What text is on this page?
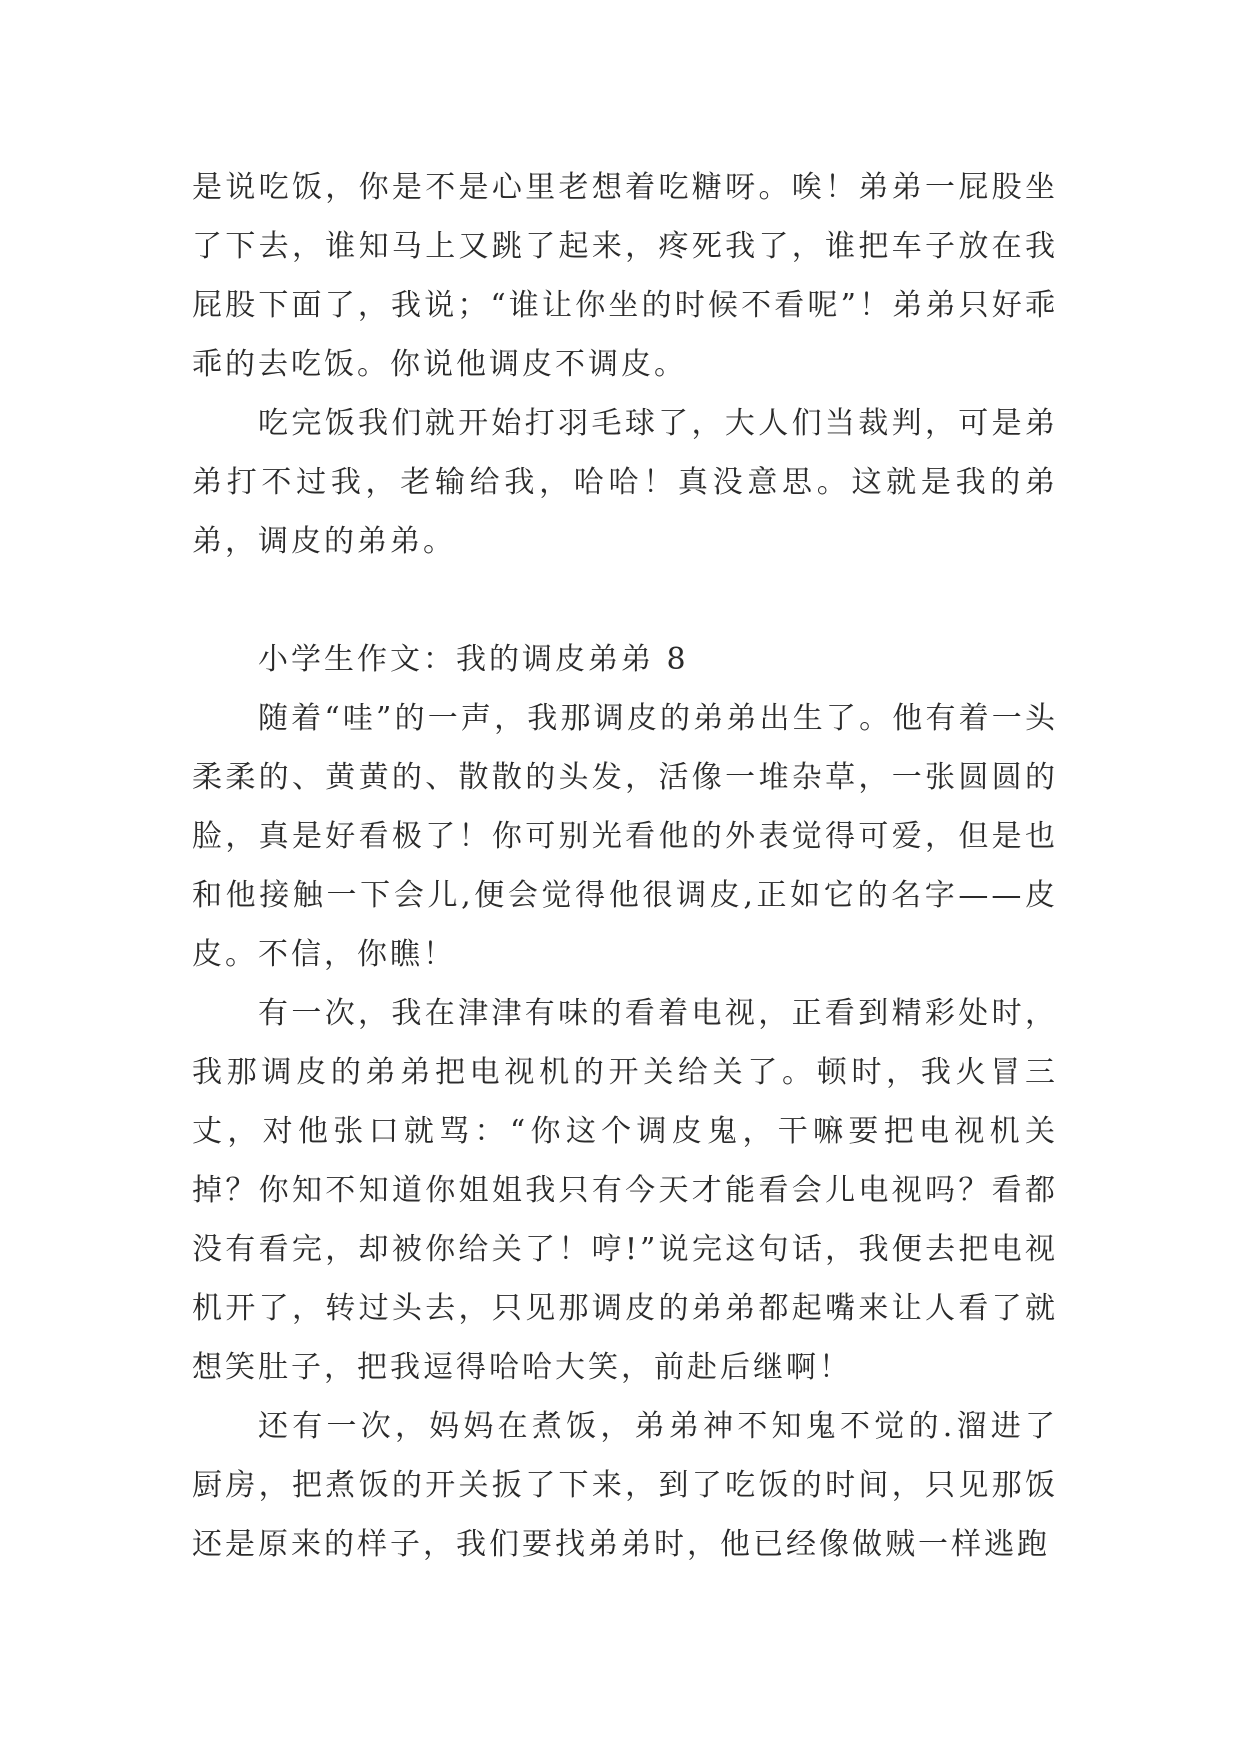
是说吃饭，你是不是心里老想着吃糖呀。唉！弟弟一屁股坐了下去，谁知马上又跳了起来，疼死我了，谁把车子放在我屁股下面了，我说；“谁让你坐的时候不看呢”！弟弟只好乖乖的去吃饭。你说他调皮不调皮。

吃完饭我们就开始打羽毛球了，大人们当裁判，可是弟弟打不过我，老输给我，哈哈！真没意思。这就是我的弟弟，调皮的弟弟。

小学生作文：我的调皮弟弟 8

随着“哇”的一声，我那调皮的弟弟出生了。他有着一头柔柔的、黄黄的、散散的头发，活像一堆杂草，一张圆圆的脸，真是好看极了！你可别光看他的外表觉得可爱，但是也和他接触一下会儿,便会觉得他很调皮,正如它的名字——皮皮。不信，你瞧！

有一次，我在津津有味的看着电视，正看到精彩处时，我那调皮的弟弟把电视机的开关给关了。顿时，我火冒三丈，对他张口就骂：“你这个调皮鬼，干嘛要把电视机关掉？你知不知道你姐姐我只有今天才能看会儿电视吗？看都没有看完，却被你给关了！哼!”说完这句话，我便去把电视机开了，转过头去，只见那调皮的弟弟都起嘴来让人看了就想笑肚子，把我逗得哈哈大笑，前赴后继啊！

还有一次，妈妈在煮饭，弟弟神不知鬼不觉的.溜进了厨房，把煮饭的开关扳了下来，到了吃饭的时间，只见那饭还是原来的样子，我们要找弟弟时，他已经像做贼一样逃跑
